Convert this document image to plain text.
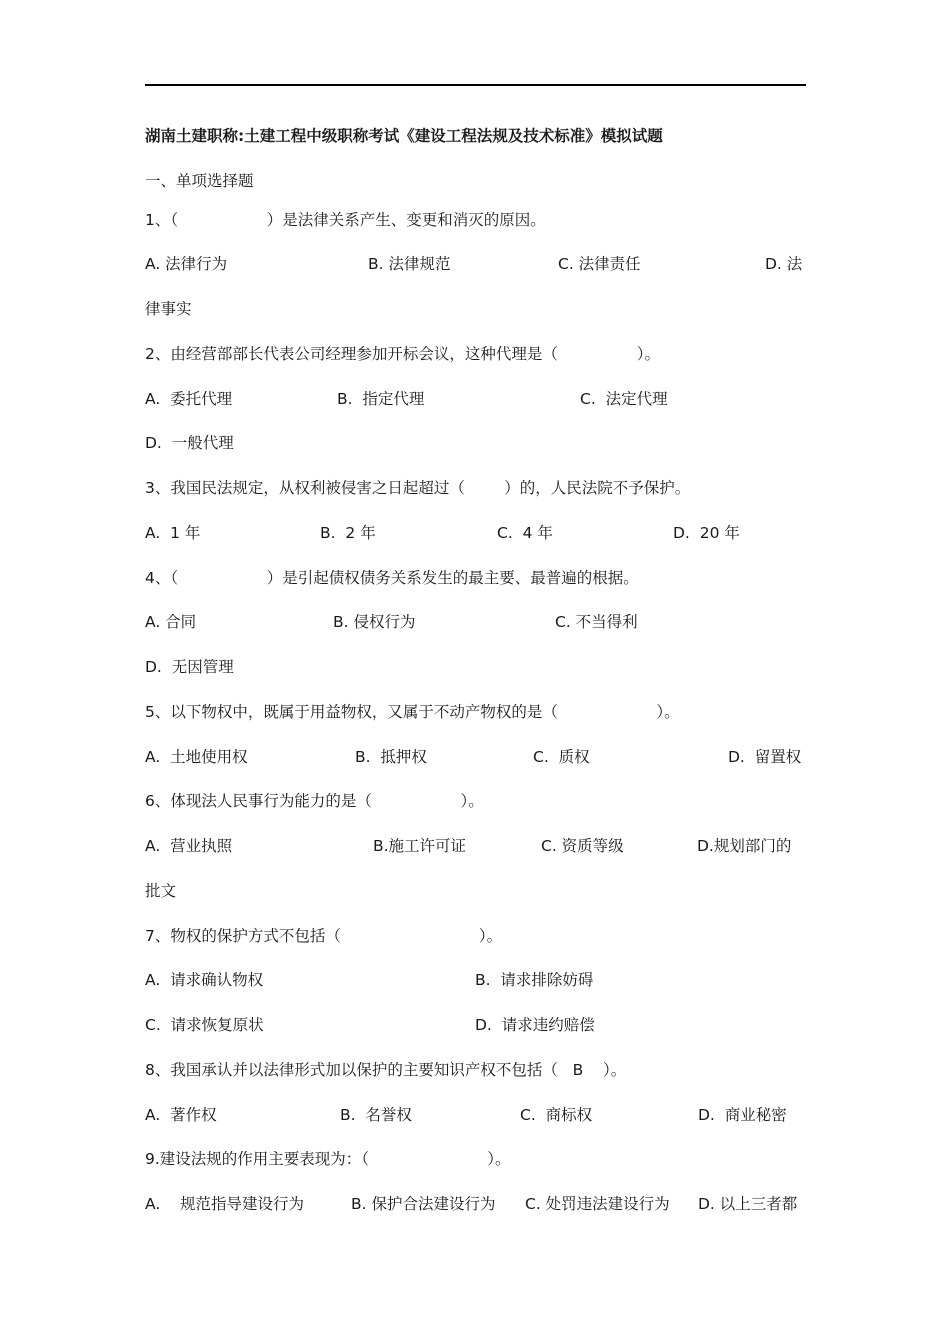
湖南土建职称:土建工程中级职称考试《建设工程法规及技术标准》模拟试题
一、单项选择题
1、（                  ）是法律关系产生、变更和消灭的原因。
A. 法律行为	B. 法律规范	C. 法律责任	D. 法
律事实
2、由经营部部长代表公司经理参加开标会议，这种代理是（                ）。
A.  委托代理	B.  指定代理	C.  法定代理
D.  一般代理
3、我国民法规定，从权利被侵害之日起超过（        ）的，人民法院不予保护。
A.  1 年	B.  2 年	C.  4 年	D.  20 年
4、（                  ）是引起债权债务关系发生的最主要、最普遍的根据。
A. 合同	B. 侵权行为	C. 不当得利
D.  无因管理
5、以下物权中，既属于用益物权，又属于不动产物权的是（                    ）。
A.  土地使用权	B.  抵押权	C.  质权	D.  留置权
6、体现法人民事行为能力的是（                  ）。
A.  营业执照	B.施工许可证	C. 资质等级	D.规划部门的
批文
7、物权的保护方式不包括（                            ）。
A.  请求确认物权	B.  请求排除妨碍
C.  请求恢复原状	D.  请求违约赔偿
8、我国承认并以法律形式加以保护的主要知识产权不包括（   B    ）。
A.  著作权	B.  名誉权	C.  商标权	D.  商业秘密
9.建设法规的作用主要表现为：（                        ）。
A.    规范指导建设行为	B. 保护合法建设行为 C. 处罚违法建设行为 D. 以上三者都
